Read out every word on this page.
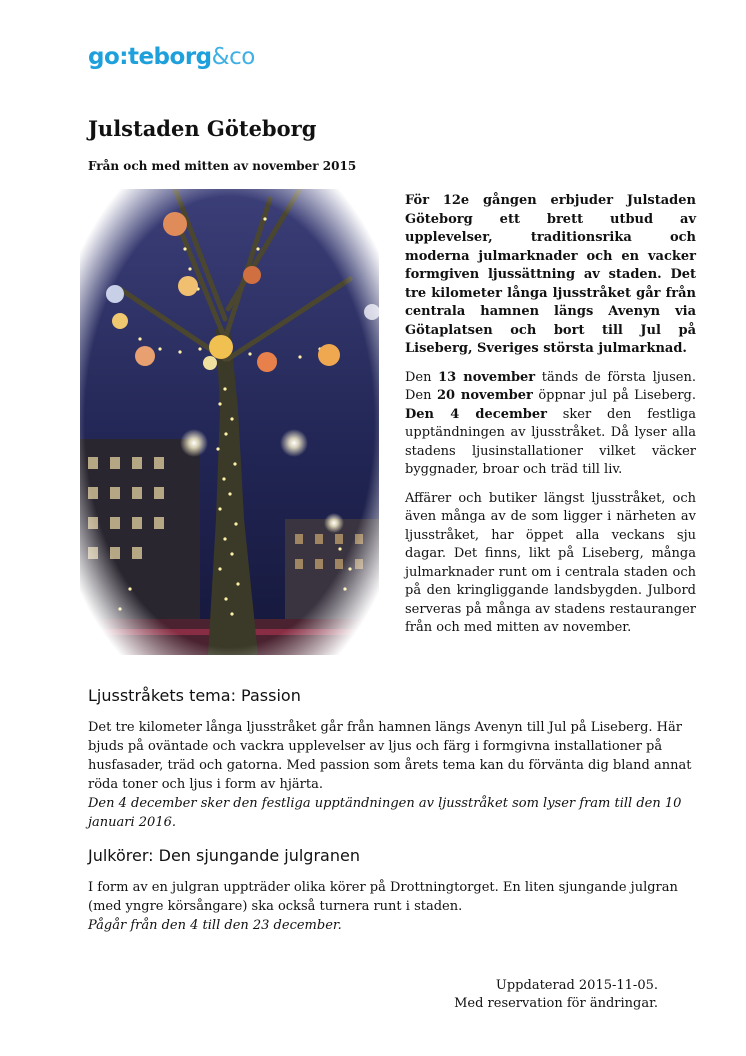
go:teborg&co
Julstaden Göteborg

Från och med mitten av november 2015

För 12e gången erbjuder Julstaden Göteborg ett brett utbud av upplevelser, traditionsrika och moderna julmarknader och en vacker formgiven ljussättning av staden. Det tre kilometer långa ljusstråket går från centrala hamnen längs Avenyn via Götaplatsen och bort till Jul på Liseberg, Sveriges största julmarknad.

Den 13 november tänds de första ljusen. Den 20 november öppnar jul på Liseberg. Den 4 december sker den festliga upptändningen av ljusstråket. Då lyser alla stadens ljusinstallationer vilket väcker byggnader, broar och träd till liv.

Affärer och butiker längst ljusstråket, och även många av de som ligger i närheten av ljusstråket, har öppet alla veckans sju dagar. Det finns, likt på Liseberg, många julmarknader runt om i centrala staden och på den kringliggande landsbygden. Julbord serveras på många av stadens restauranger från och med mitten av november.

Ljusstråkets tema: Passion

Det tre kilometer långa ljusstråket går från hamnen längs Avenyn till Jul på Liseberg. Här bjuds på oväntade och vackra upplevelser av ljus och färg i formgivna installationer på husfasader, träd och gatorna. Med passion som årets tema kan du förvänta dig bland annat röda toner och ljus i form av hjärta.

Den 4 december sker den festliga upptändningen av ljusstråket som lyser fram till den 10 januari 2016.

Julkörer: Den sjungande julgranen

I form av en julgran uppträder olika körer på Drottningtorget. En liten sjungande julgran (med yngre körsångare) ska också turnera runt i staden.

Pågår från den 4 till den 23 december.

Uppdaterad 2015-11-05.
Med reservation för ändringar.
